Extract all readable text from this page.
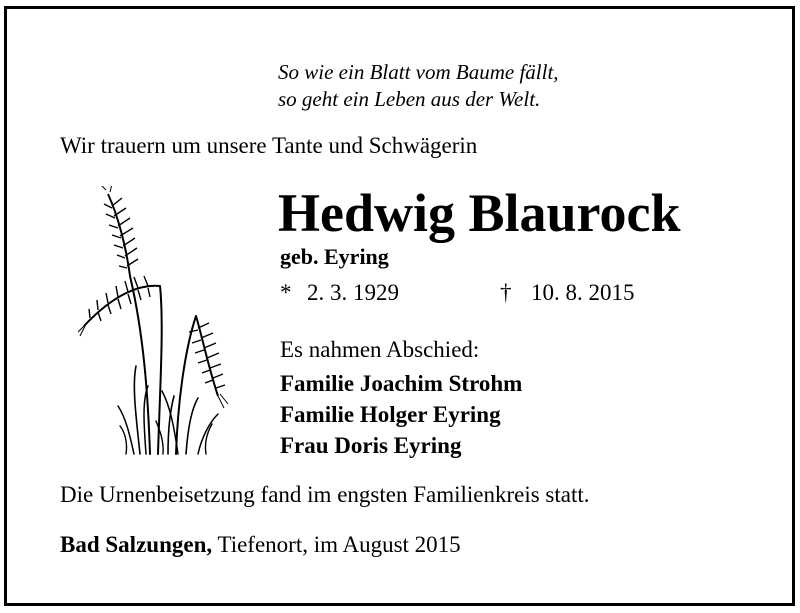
So wie ein Blatt vom Baume fällt,
so geht ein Leben aus der Welt.
Wir trauern um unsere Tante und Schwägerin
Hedwig Blaurock
geb. Eyring
* 2. 3. 1929	† 10. 8. 2015
Es nahmen Abschied:
Familie Joachim Strohm
Familie Holger Eyring
Frau Doris Eyring
Die Urnenbeisetzung fand im engsten Familienkreis statt.
Bad Salzungen, Tiefenort, im August 2015
